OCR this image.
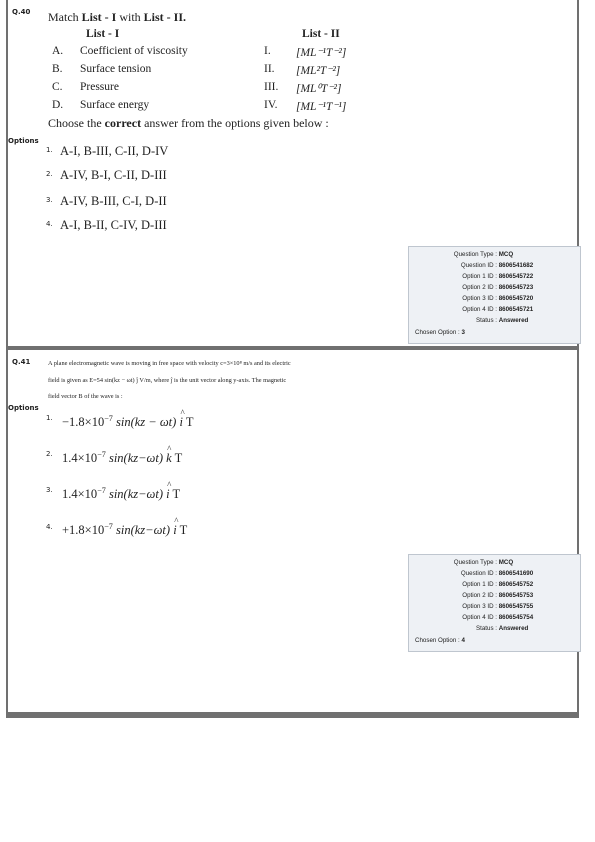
Q.40 Match List - I with List - II.
List - I	List - II
A. Coefficient of viscosity
B. Surface tension
C. Pressure
D. Surface energy
I. [ML⁻¹T⁻²]
II. [ML²T⁻²]
III. [ML⁰T⁻²]
IV. [ML⁻¹T⁻¹]
Choose the correct answer from the options given below :
Options
1. A-I, B-III, C-II, D-IV
2. A-IV, B-I, C-II, D-III
3. A-IV, B-III, C-I, D-II
4. A-I, B-II, C-IV, D-III
Question Type : MCQ
Question ID : 8606541682
Option 1 ID : 8606545722
Option 2 ID : 8606545723
Option 3 ID : 8606545720
Option 4 ID : 8606545721
Status : Answered
Chosen Option : 3
Q.41	A plane electromagnetic wave is moving in free space with velocity c=3×10⁸ m/s and its electric
field is given as E=54 sin(kz − ωt) ĵ V/m, where ĵ is the unit vector along y-axis. The magnetic
field vector B of the wave is :
Options
1. $-1.8\times 10^{-7}$ sin(kz − ωt) ^ i T
2. $1.4\times 10^{-7}$ sin(kz−ωt) ^ k T
3. $1.4\times 10^{-7}$ sin(kz−ωt) ^ i T
4. $+1.8\times 10^{-7}$ sin(kz−ωt) ^ i T
Question Type : MCQ
Question ID : 8606541690
Option 1 ID : 8606545752
Option 2 ID : 8606545753
Option 3 ID : 8606545755
Option 4 ID : 8606545754
Status : Answered
Chosen Option : 4
